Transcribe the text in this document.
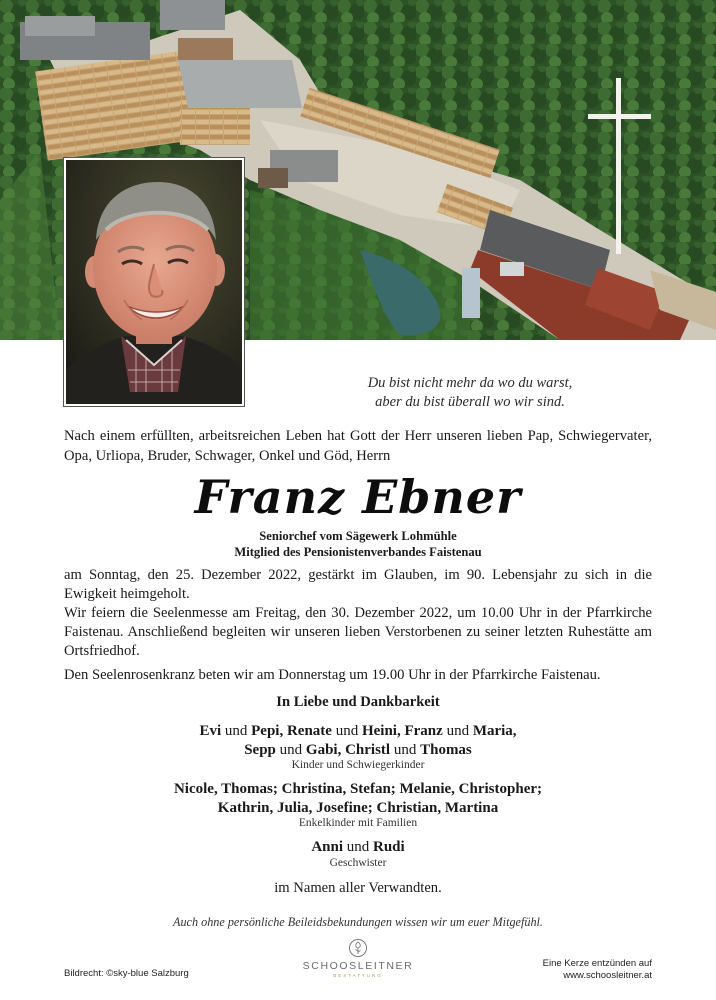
Du bist nicht mehr da wo du warst,
aber du bist überall wo wir sind.

Nach einem erfüllten, arbeitsreichen Leben hat Gott der Herr unseren lieben Pap, Schwiegervater, Opa, Urliopa, Bruder, Schwager, Onkel und Göd, Herrn

Franz Ebner
Seniorchef vom Sägewerk Lohmühle
Mitglied des Pensionistenverbandes Faistenau

am Sonntag, den 25. Dezember 2022, gestärkt im Glauben, im 90. Lebensjahr zu sich in die Ewigkeit heimgeholt.

Wir feiern die Seelenmesse am Freitag, den 30. Dezember 2022, um 10.00 Uhr in der Pfarrkirche Faistenau. Anschließend begleiten wir unseren lieben Verstorbenen zu seiner letzten Ruhestätte am Ortsfriedhof.

Den Seelenrosenkranz beten wir am Donnerstag um 19.00 Uhr in der Pfarrkirche Faistenau.

In Liebe und Dankbarkeit
Evi und Pepi, Renate und Heini, Franz und Maria,
Sepp und Gabi, Christl und Thomas
Kinder und Schwiegerkinder
Nicole, Thomas; Christina, Stefan; Melanie, Christopher;
Kathrin, Julia, Josefine; Christian, Martina
Enkelkinder mit Familien
Anni und Rudi
Geschwister
im Namen aller Verwandten.
Auch ohne persönliche Beileidsbekundungen wissen wir um euer Mitgefühl.
Bildrecht: ©sky-blue Salzburg
SCHOOSLEITNER
BESTATTUNG
Eine Kerze entzünden auf
www.schoosleitner.at
